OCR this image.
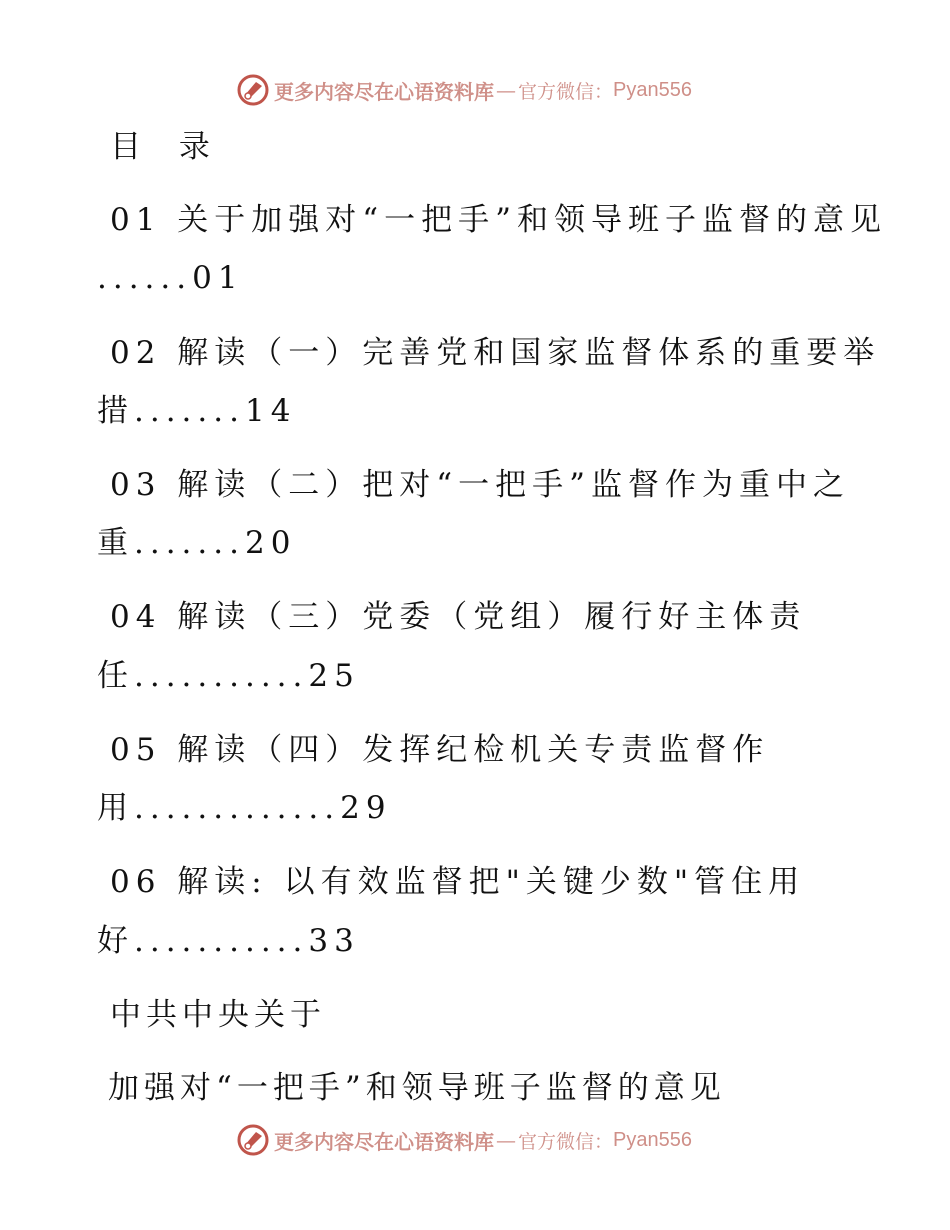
更多内容尽在心语资料库 — 官方微信： Pyan556
目 录
01 关于加强对“一把手”和领导班子监督的意见
......01
02 解读（一）完善党和国家监督体系的重要举
措.......14
03 解读（二）把对“一把手”监督作为重中之
重.......20
04 解读（三）党委（党组）履行好主体责
任...........25
05 解读（四）发挥纪检机关专责监督作
用.............29
06 解读: 以有效监督把"关键少数"管住用
好...........33
中共中央关于
加强对“一把手”和领导班子监督的意见
更多内容尽在心语资料库 — 官方微信： Pyan556
